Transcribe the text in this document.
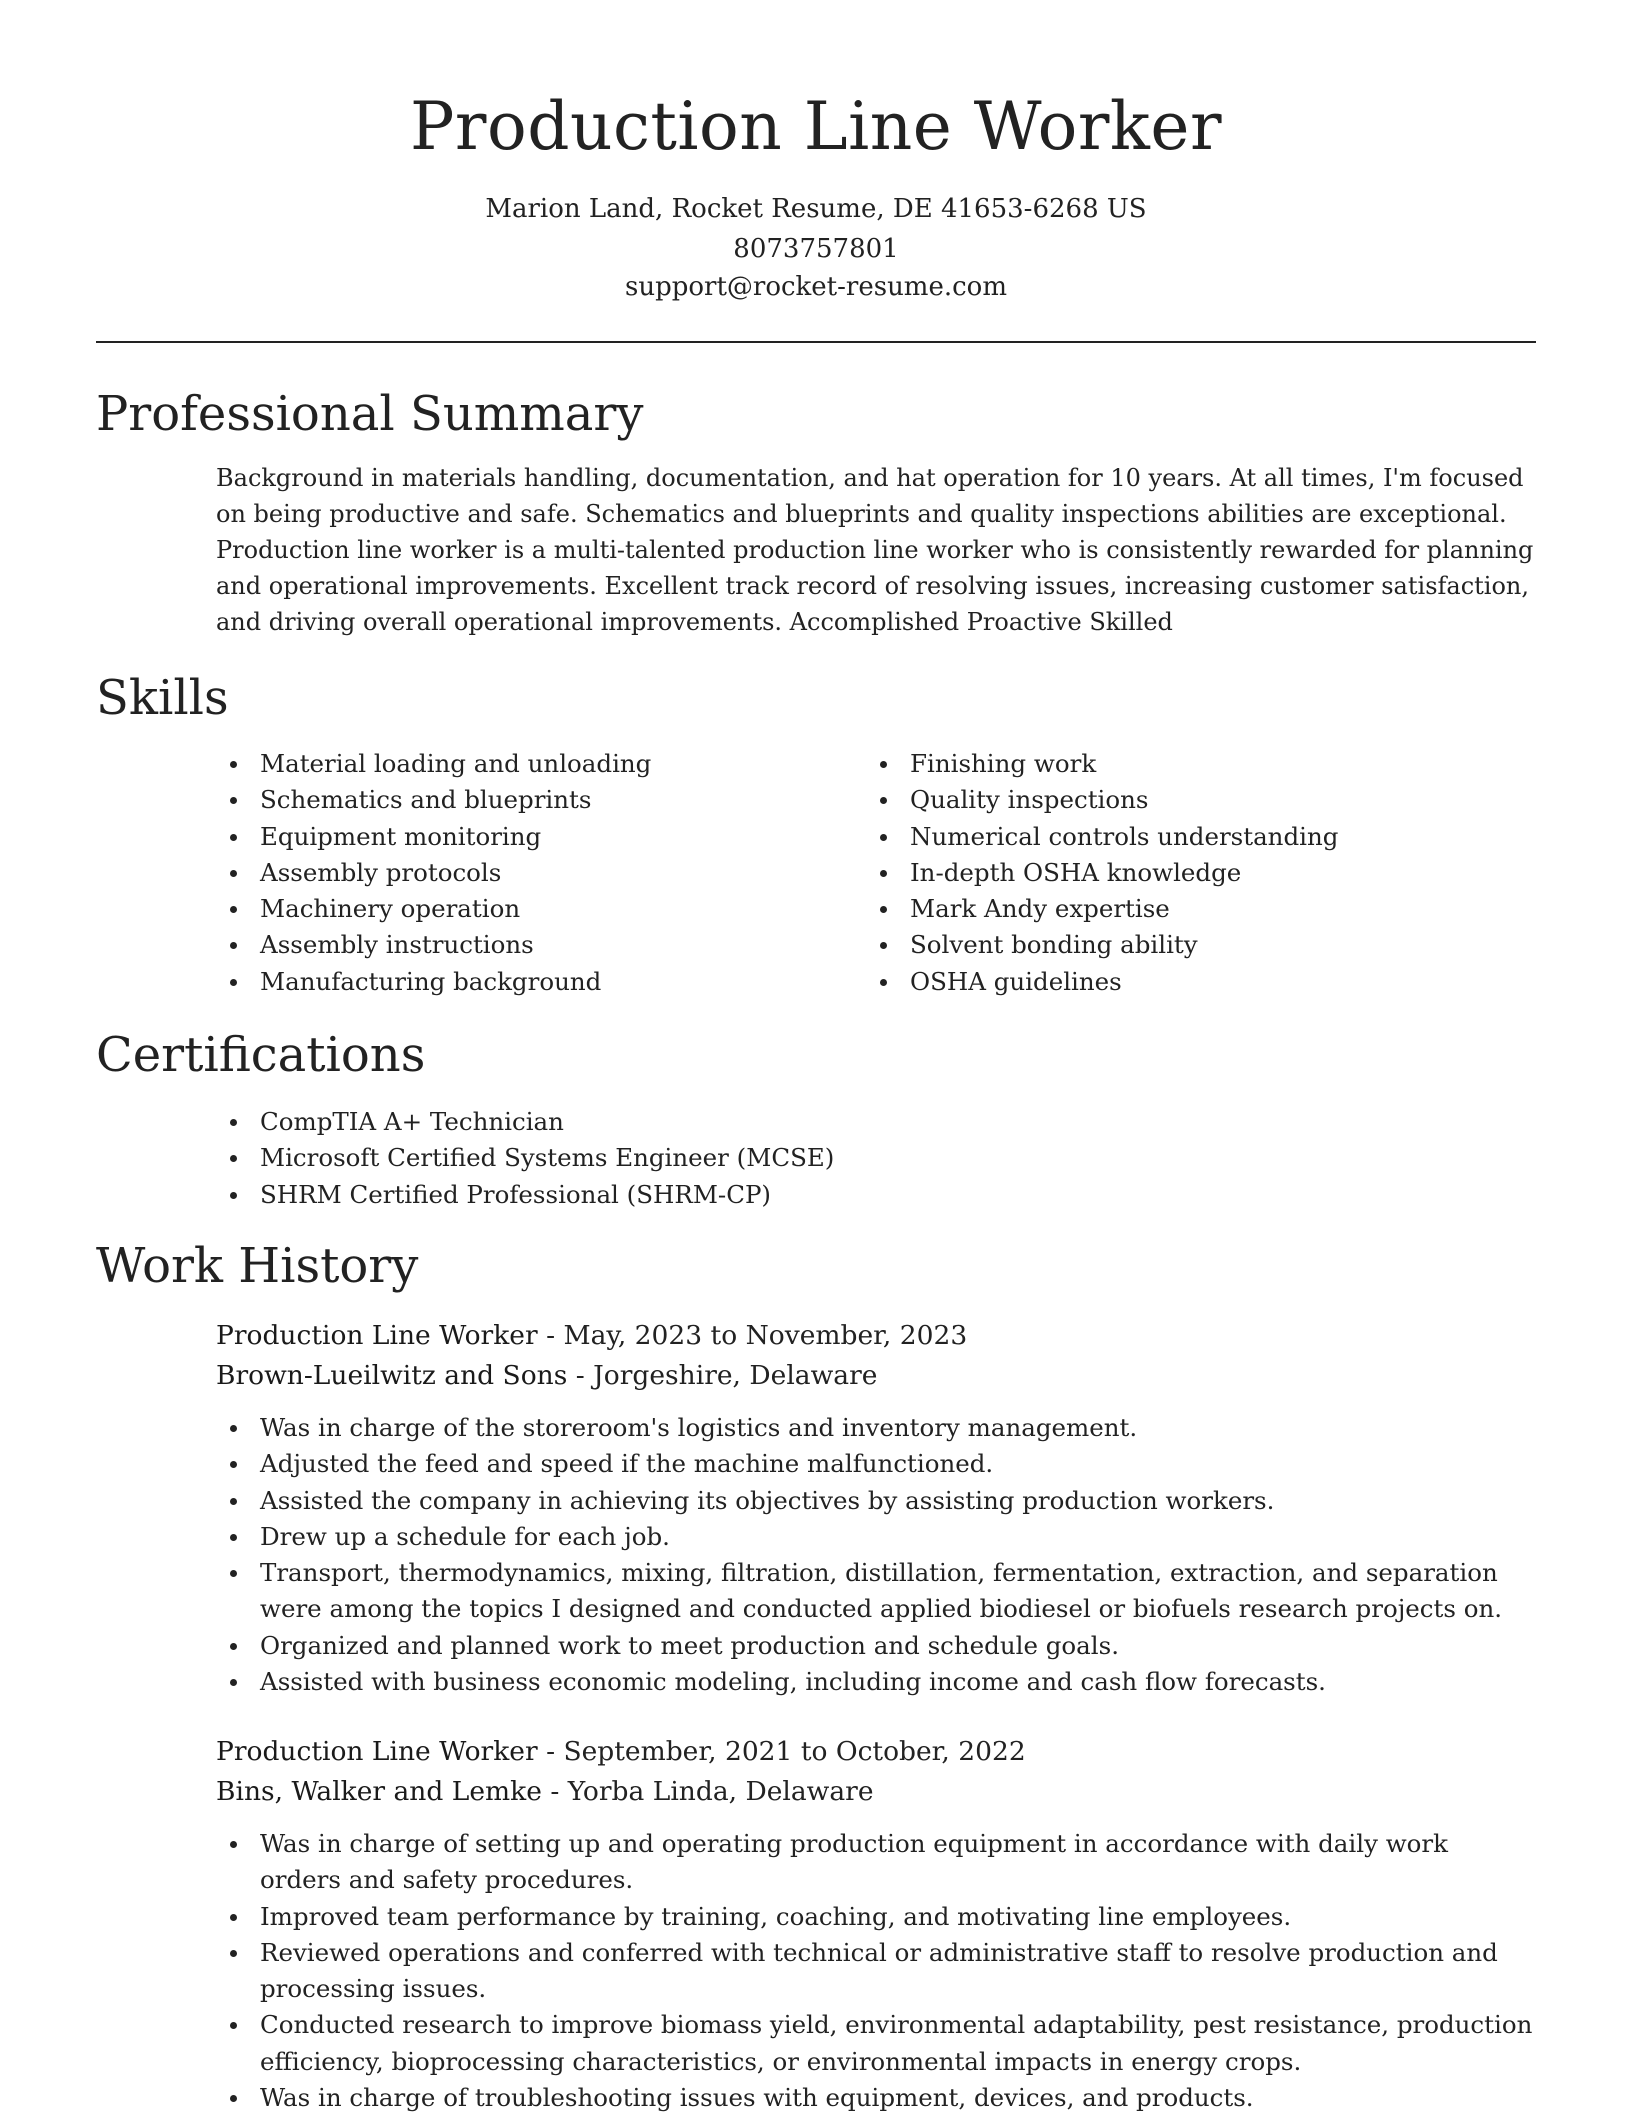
Production Line Worker

Marion Land, Rocket Resume, DE 41653-6268 US

8073757801

support@rocket-resume.com

Professional Summary

Background in materials handling, documentation, and hat operation for 10 years. At all times, I'm focused on being productive and safe. Schematics and blueprints and quality inspections abilities are exceptional. Production line worker is a multi-talented production line worker who is consistently rewarded for planning and operational improvements. Excellent track record of resolving issues, increasing customer satisfaction, and driving overall operational improvements. Accomplished Proactive Skilled

Skills
Material loading and unloading
Schematics and blueprints
Equipment monitoring
Assembly protocols
Machinery operation
Assembly instructions
Manufacturing background
Finishing work
Quality inspections
Numerical controls understanding
In-depth OSHA knowledge
Mark Andy expertise
Solvent bonding ability
OSHA guidelines
Certifications
CompTIA A+ Technician
Microsoft Certified Systems Engineer (MCSE)
SHRM Certified Professional (SHRM-CP)
Work History

Production Line Worker - May, 2023 to November, 2023

Brown-Lueilwitz and Sons - Jorgeshire, Delaware

Was in charge of the storeroom's logistics and inventory management.
Adjusted the feed and speed if the machine malfunctioned.
Assisted the company in achieving its objectives by assisting production workers.
Drew up a schedule for each job.
Transport, thermodynamics, mixing, filtration, distillation, fermentation, extraction, and separation were among the topics I designed and conducted applied biodiesel or biofuels research projects on.
Organized and planned work to meet production and schedule goals.
Assisted with business economic modeling, including income and cash flow forecasts.

Production Line Worker - September, 2021 to October, 2022

Bins, Walker and Lemke - Yorba Linda, Delaware

Was in charge of setting up and operating production equipment in accordance with daily work orders and safety procedures.
Improved team performance by training, coaching, and motivating line employees.
Reviewed operations and conferred with technical or administrative staff to resolve production and processing issues.
Conducted research to improve biomass yield, environmental adaptability, pest resistance, production efficiency, bioprocessing characteristics, or environmental impacts in energy crops.
Was in charge of troubleshooting issues with equipment, devices, and products.
